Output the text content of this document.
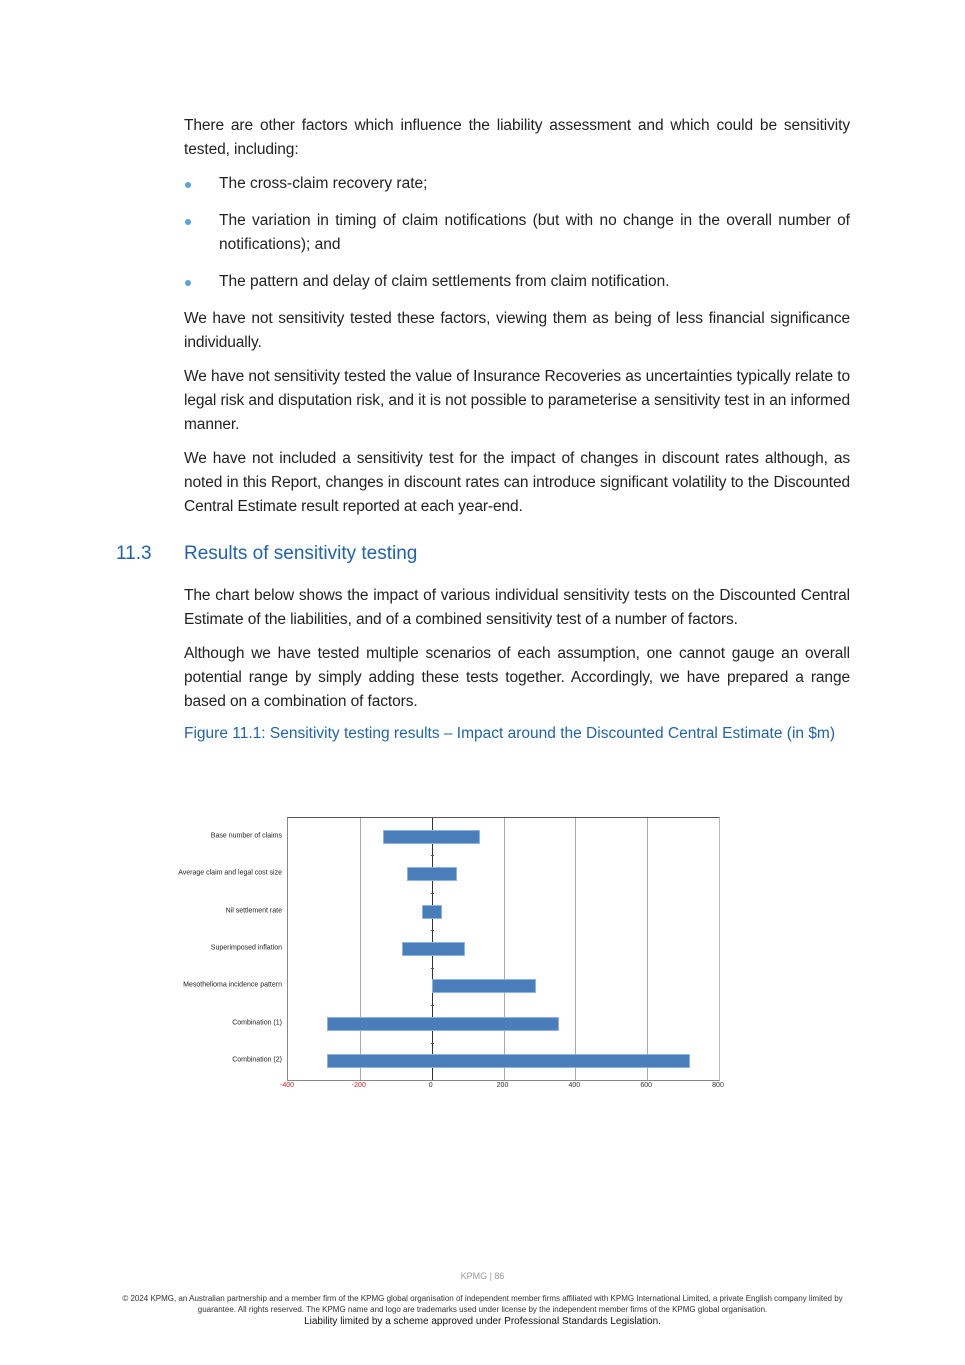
There are other factors which influence the liability assessment and which could be sensitivity tested, including:

The cross-claim recovery rate;
The variation in timing of claim notifications (but with no change in the overall number of notifications); and
The pattern and delay of claim settlements from claim notification.

We have not sensitivity tested these factors, viewing them as being of less financial significance individually.

We have not sensitivity tested the value of Insurance Recoveries as uncertainties typically relate to legal risk and disputation risk, and it is not possible to parameterise a sensitivity test in an informed manner.

We have not included a sensitivity test for the impact of changes in discount rates although, as noted in this Report, changes in discount rates can introduce significant volatility to the Discounted Central Estimate result reported at each year-end.

11.3 Results of sensitivity testing

The chart below shows the impact of various individual sensitivity tests on the Discounted Central Estimate of the liabilities, and of a combined sensitivity test of a number of factors.

Although we have tested multiple scenarios of each assumption, one cannot gauge an overall potential range by simply adding these tests together. Accordingly, we have prepared a range based on a combination of factors.

Figure 11.1: Sensitivity testing results – Impact around the Discounted Central Estimate (in $m)

Base number of claims
Average claim and legal cost size
Nil settlement rate
Superimposed inflation
Mesothelioma incidence pattern
Combination (1)
Combination (2)
-400	-200	0	200	400	600	800
KPMG | 86
© 2024 KPMG, an Australian partnership and a member firm of the KPMG global organisation of independent member firms affiliated with KPMG International Limited, a private English company limited by guarantee. All rights reserved. The KPMG name and logo are trademarks used under license by the independent member firms of the KPMG global organisation.
Liability limited by a scheme approved under Professional Standards Legislation.
